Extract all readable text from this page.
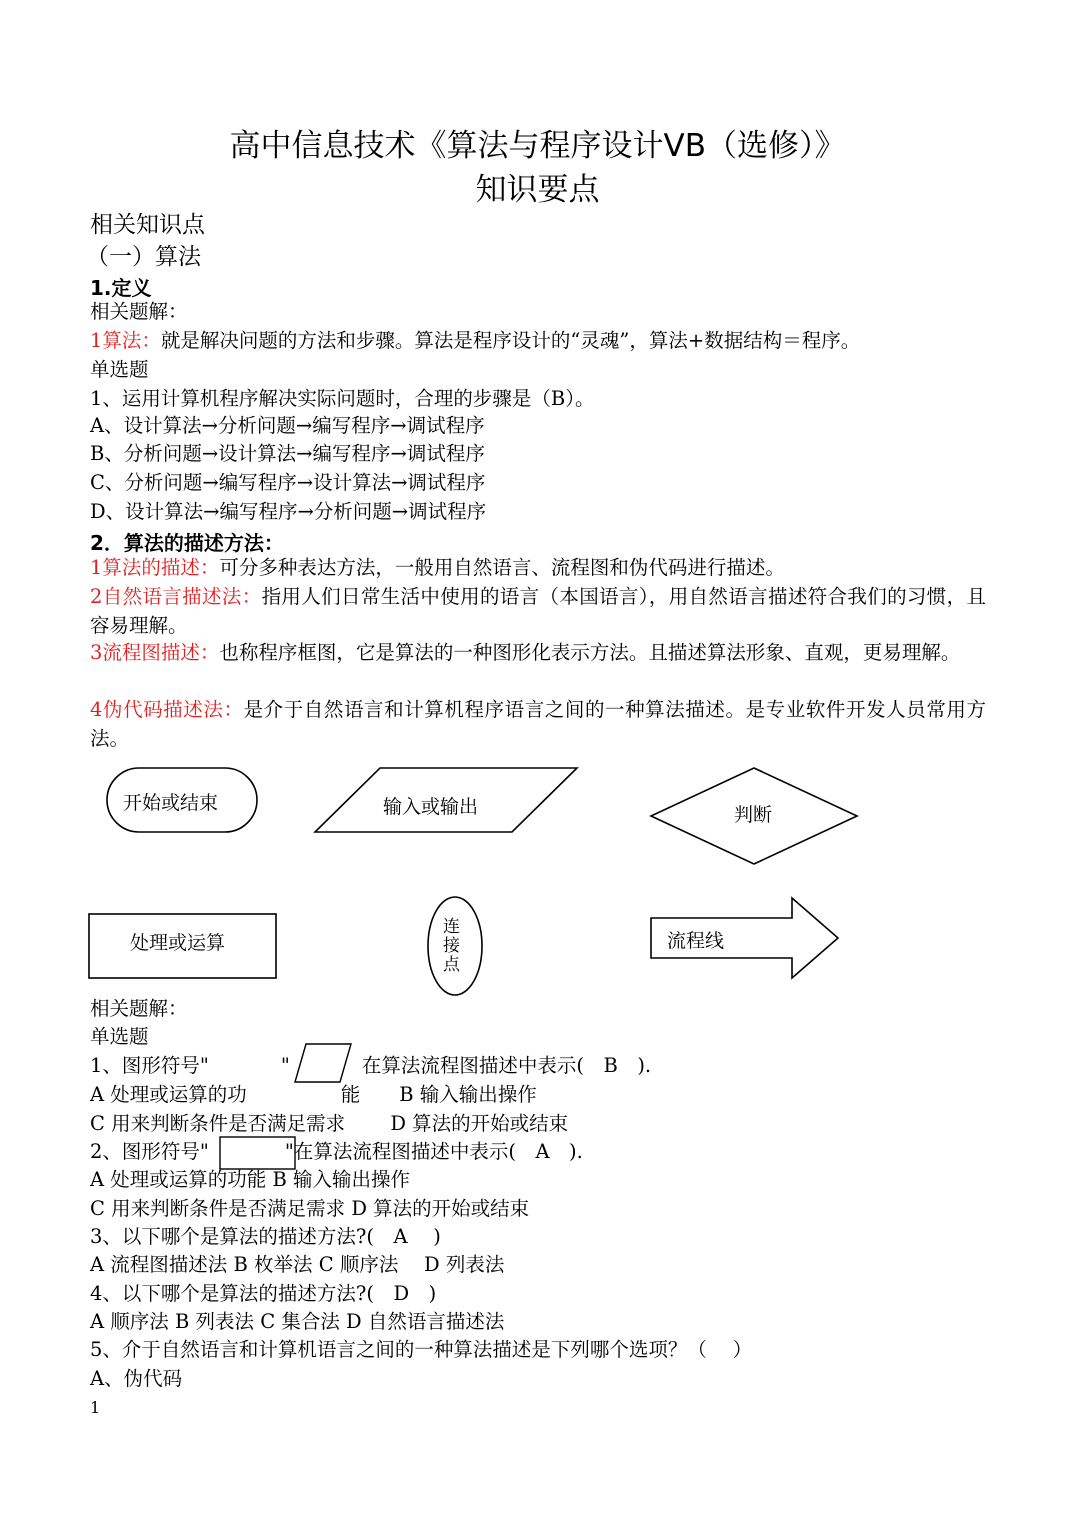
高中信息技术《算法与程序设计VB（选修）》
知识要点
相关知识点
（一）算法
1.定义
相关题解：
1算法：就是解决问题的方法和步骤。算法是程序设计的“灵魂”，算法+数据结构＝程序。
单选题
1、运用计算机程序解决实际问题时，合理的步骤是（B）。
A、设计算法→分析问题→编写程序→调试程序
B、分析问题→设计算法→编写程序→调试程序
C、分析问题→编写程序→设计算法→调试程序
D、设计算法→编写程序→分析问题→调试程序
2．算法的描述方法：
1算法的描述：可分多种表达方法，一般用自然语言、流程图和伪代码进行描述。
2自然语言描述法：指用人们日常生活中使用的语言（本国语言），用自然语言描述符合我们的习惯，且容易理解。
3流程图描述：也称程序框图，它是算法的一种图形化表示方法。且描述算法形象、直观，更易理解。
4伪代码描述法：是介于自然语言和计算机程序语言之间的一种算法描述。是专业软件开发人员常用方法。
开始或结束	输入或输出	判断
处理或运算
连接点
流程线
相关题解：
单选题
1、图形符号"	"	在算法流程图描述中表示(　B　).
A 处理或运算的功	能　　B 输入输出操作
C 用来判断条件是否满足需求　　 D 算法的开始或结束
2、图形符号"	"在算法流程图描述中表示(　A　).
A 处理或运算的功能 B 输入输出操作
C 用来判断条件是否满足需求 D 算法的开始或结束
3、以下哪个是算法的描述方法?(　A　 )
A 流程图描述法 B 枚举法 C 顺序法　 D 列表法
4、以下哪个是算法的描述方法?(　D　)
A 顺序法 B 列表法 C 集合法 D 自然语言描述法
5、介于自然语言和计算机语言之间的一种算法描述是下列哪个选项？（　 ）
A、伪代码
1
